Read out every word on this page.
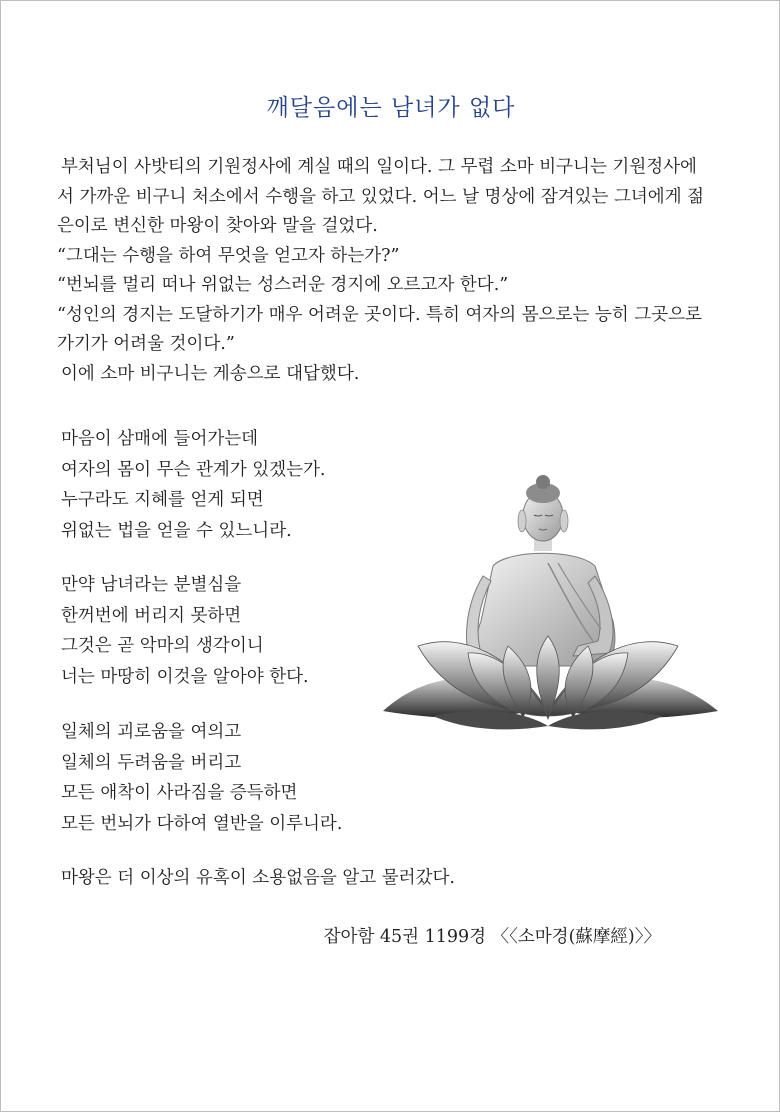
깨달음에는 남녀가 없다
부처님이 사밧티의 기원정사에 계실 때의 일이다. 그 무렵 소마 비구니는 기원정사에
서 가까운 비구니 처소에서 수행을 하고 있었다. 어느 날 명상에 잠겨있는 그녀에게 젊
은이로 변신한 마왕이 찾아와 말을 걸었다.
“그대는 수행을 하여 무엇을 얻고자 하는가?”
“번뇌를 멀리 떠나 위없는 성스러운 경지에 오르고자 한다.”
“성인의 경지는 도달하기가 매우 어려운 곳이다. 특히 여자의 몸으로는 능히 그곳으로
가기가 어려울 것이다.”
이에 소마 비구니는 게송으로 대답했다.
마음이 삼매에 들어가는데
여자의 몸이 무슨 관계가 있겠는가.
누구라도 지혜를 얻게 되면
위없는 법을 얻을 수 있느니라.
만약 남녀라는 분별심을
한꺼번에 버리지 못하면
그것은 곧 악마의 생각이니
너는 마땅히 이것을 알아야 한다.
일체의 괴로움을 여의고
일체의 두려움을 버리고
모든 애착이 사라짐을 증득하면
모든 번뇌가 다하여 열반을 이루니라.
마왕은 더 이상의 유혹이 소용없음을 알고 물러갔다.
잡아함 45권 1199경 〈〈소마경(蘇摩經)〉〉
